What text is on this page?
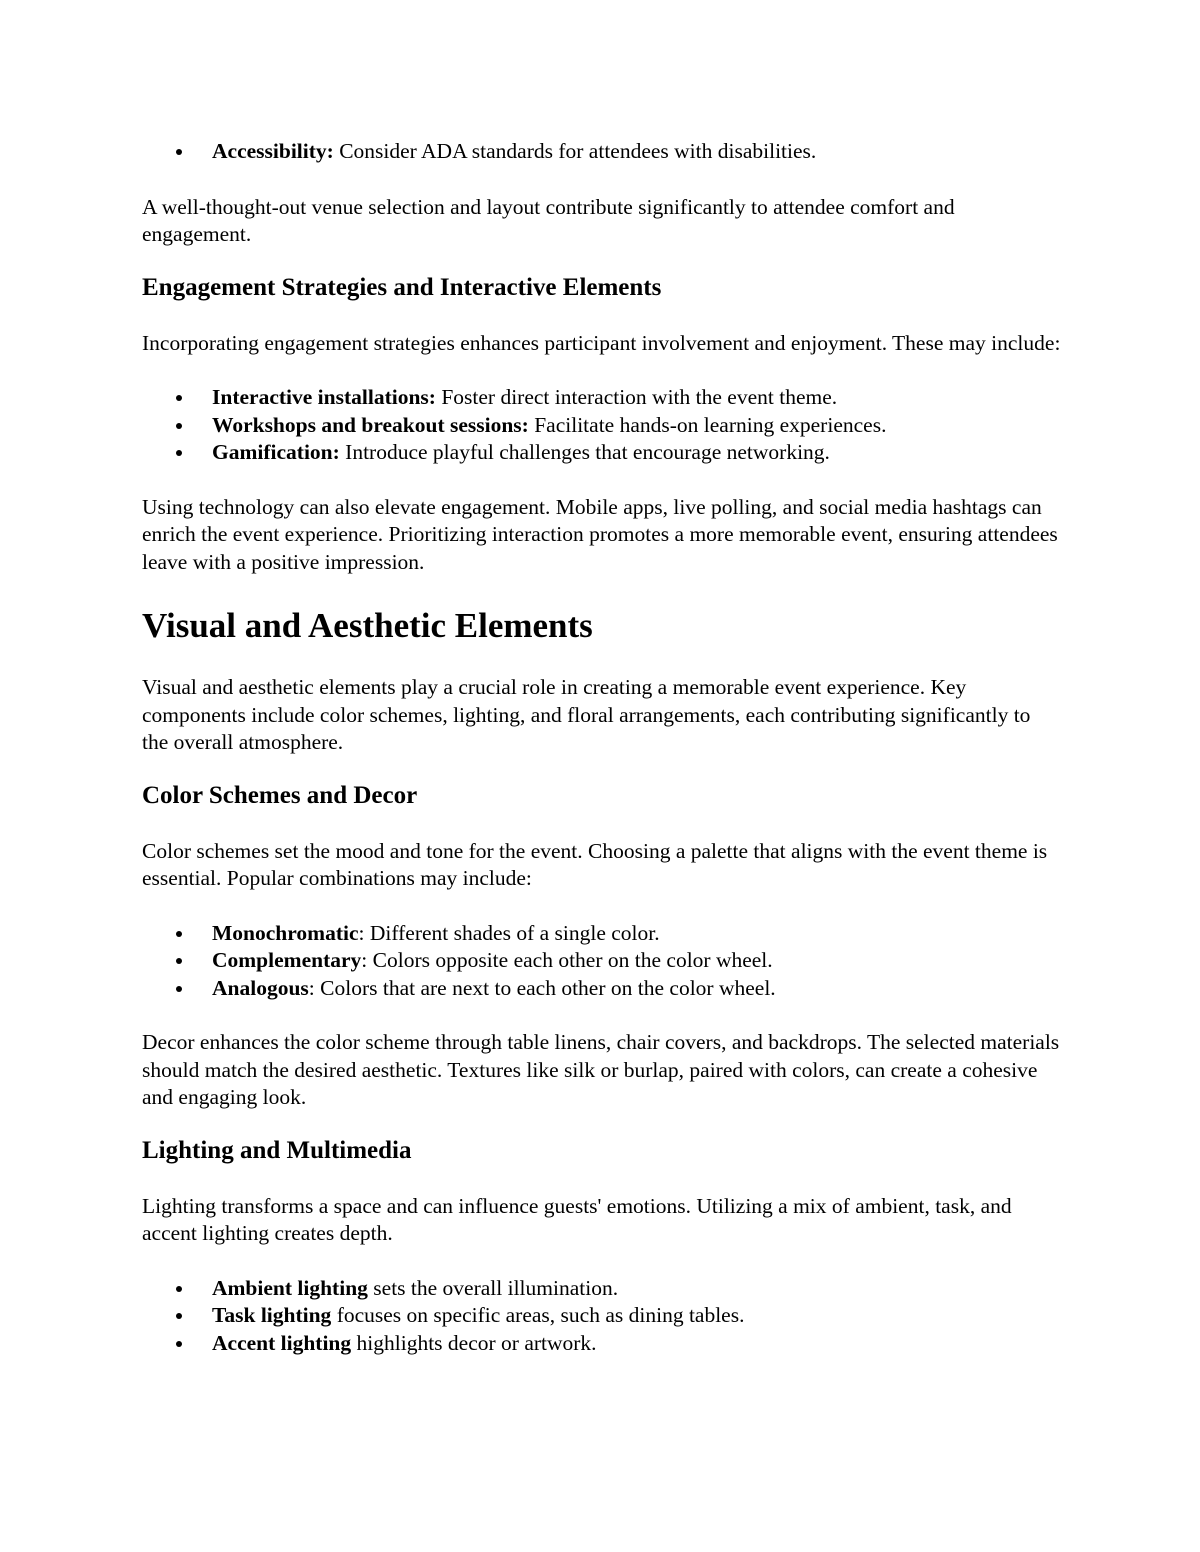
Accessibility: Consider ADA standards for attendees with disabilities.

A well-thought-out venue selection and layout contribute significantly to attendee comfort and engagement.

Engagement Strategies and Interactive Elements

Incorporating engagement strategies enhances participant involvement and enjoyment. These may include:

Interactive installations: Foster direct interaction with the event theme.
Workshops and breakout sessions: Facilitate hands-on learning experiences.
Gamification: Introduce playful challenges that encourage networking.

Using technology can also elevate engagement. Mobile apps, live polling, and social media hashtags can enrich the event experience. Prioritizing interaction promotes a more memorable event, ensuring attendees leave with a positive impression.

Visual and Aesthetic Elements

Visual and aesthetic elements play a crucial role in creating a memorable event experience. Key components include color schemes, lighting, and floral arrangements, each contributing significantly to the overall atmosphere.

Color Schemes and Decor

Color schemes set the mood and tone for the event. Choosing a palette that aligns with the event theme is essential. Popular combinations may include:

Monochromatic: Different shades of a single color.
Complementary: Colors opposite each other on the color wheel.
Analogous: Colors that are next to each other on the color wheel.

Decor enhances the color scheme through table linens, chair covers, and backdrops. The selected materials should match the desired aesthetic. Textures like silk or burlap, paired with colors, can create a cohesive and engaging look.

Lighting and Multimedia

Lighting transforms a space and can influence guests' emotions. Utilizing a mix of ambient, task, and accent lighting creates depth.

Ambient lighting sets the overall illumination.
Task lighting focuses on specific areas, such as dining tables.
Accent lighting highlights decor or artwork.
